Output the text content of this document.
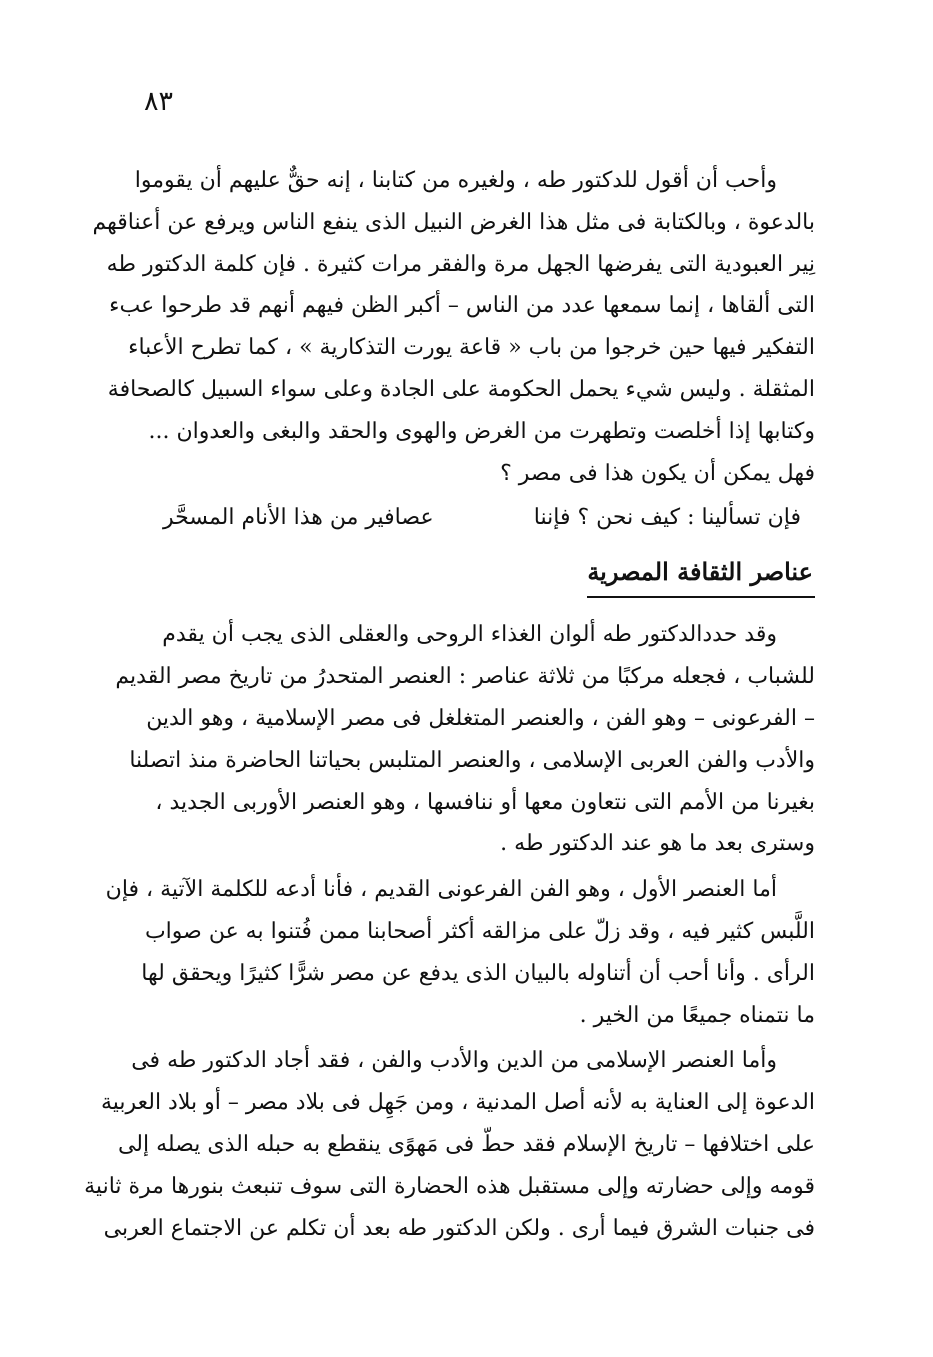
٨٣

وأحب أن أقول للدكتور طه ، ولغيره من كتابنا ، إنه حقٌّ عليهم أن يقوموا

بالدعوة ، وبالكتابة فى مثل هذا الغرض النبيل الذى ينفع الناس ويرفع عن أعناقهم

نِير العبودية التى يفرضها الجهل مرة والفقر مرات كثيرة . فإن كلمة الدكتور طه

التى ألقاها ، إنما سمعها عدد من الناس – أكبر الظن فيهم أنهم قد طرحوا عبء

التفكير فيها حين خرجوا من باب « قاعة يورت التذكارية » ، كما تطرح الأعباء

المثقلة . وليس شيء يحمل الحكومة على الجادة وعلى سواء السبيل كالصحافة

وكتابها إذا أخلصت وتطهرت من الغرض والهوى والحقد والبغى والعدوان ...

فهل يمكن أن يكون هذا فى مصر ؟

فإن تسألينا : كيف نحن ؟ فإننا
عصافير من هذا الأنام المسحَّر
عناصر الثقافة المصرية

وقد حددالدكتور طه ألوان الغذاء الروحى والعقلى الذى يجب أن يقدم

للشباب ، فجعله مركبًا من ثلاثة عناصر : العنصر المتحدرُ من تاريخ مصر القديم

– الفرعونى – وهو الفن ، والعنصر المتغلغل فى مصر الإسلامية ، وهو الدين

والأدب والفن العربى الإسلامى ، والعنصر المتلبس بحياتنا الحاضرة منذ اتصلنا

بغيرنا من الأمم التى نتعاون معها أو ننافسها ، وهو العنصر الأوربى الجديد ،

وسترى بعد ما هو عند الدكتور طه .

أما العنصر الأول ، وهو الفن الفرعونى القديم ، فأنا أدعه للكلمة الآتية ، فإن

اللَّبس كثير فيه ، وقد زلّ على مزالقه أكثر أصحابنا ممن فُتنوا به عن صواب

الرأى . وأنا أحب أن أتناوله بالبيان الذى يدفع عن مصر شرًّا كثيرًا ويحقق لها

ما نتمناه جميعًا من الخير .

وأما العنصر الإسلامى من الدين والأدب والفن ، فقد أجاد الدكتور طه فى

الدعوة إلى العناية به لأنه أصل المدنية ، ومن جَهِل فى بلاد مصر – أو بلاد العربية

على اختلافها – تاريخ الإسلام فقد حطّ فى مَهوًى ينقطع به حبله الذى يصله إلى

قومه وإلى حضارته وإلى مستقبل هذه الحضارة التى سوف تنبعث بنورها مرة ثانية

فى جنبات الشرق فيما أرى . ولكن الدكتور طه بعد أن تكلم عن الاجتماع العربى
